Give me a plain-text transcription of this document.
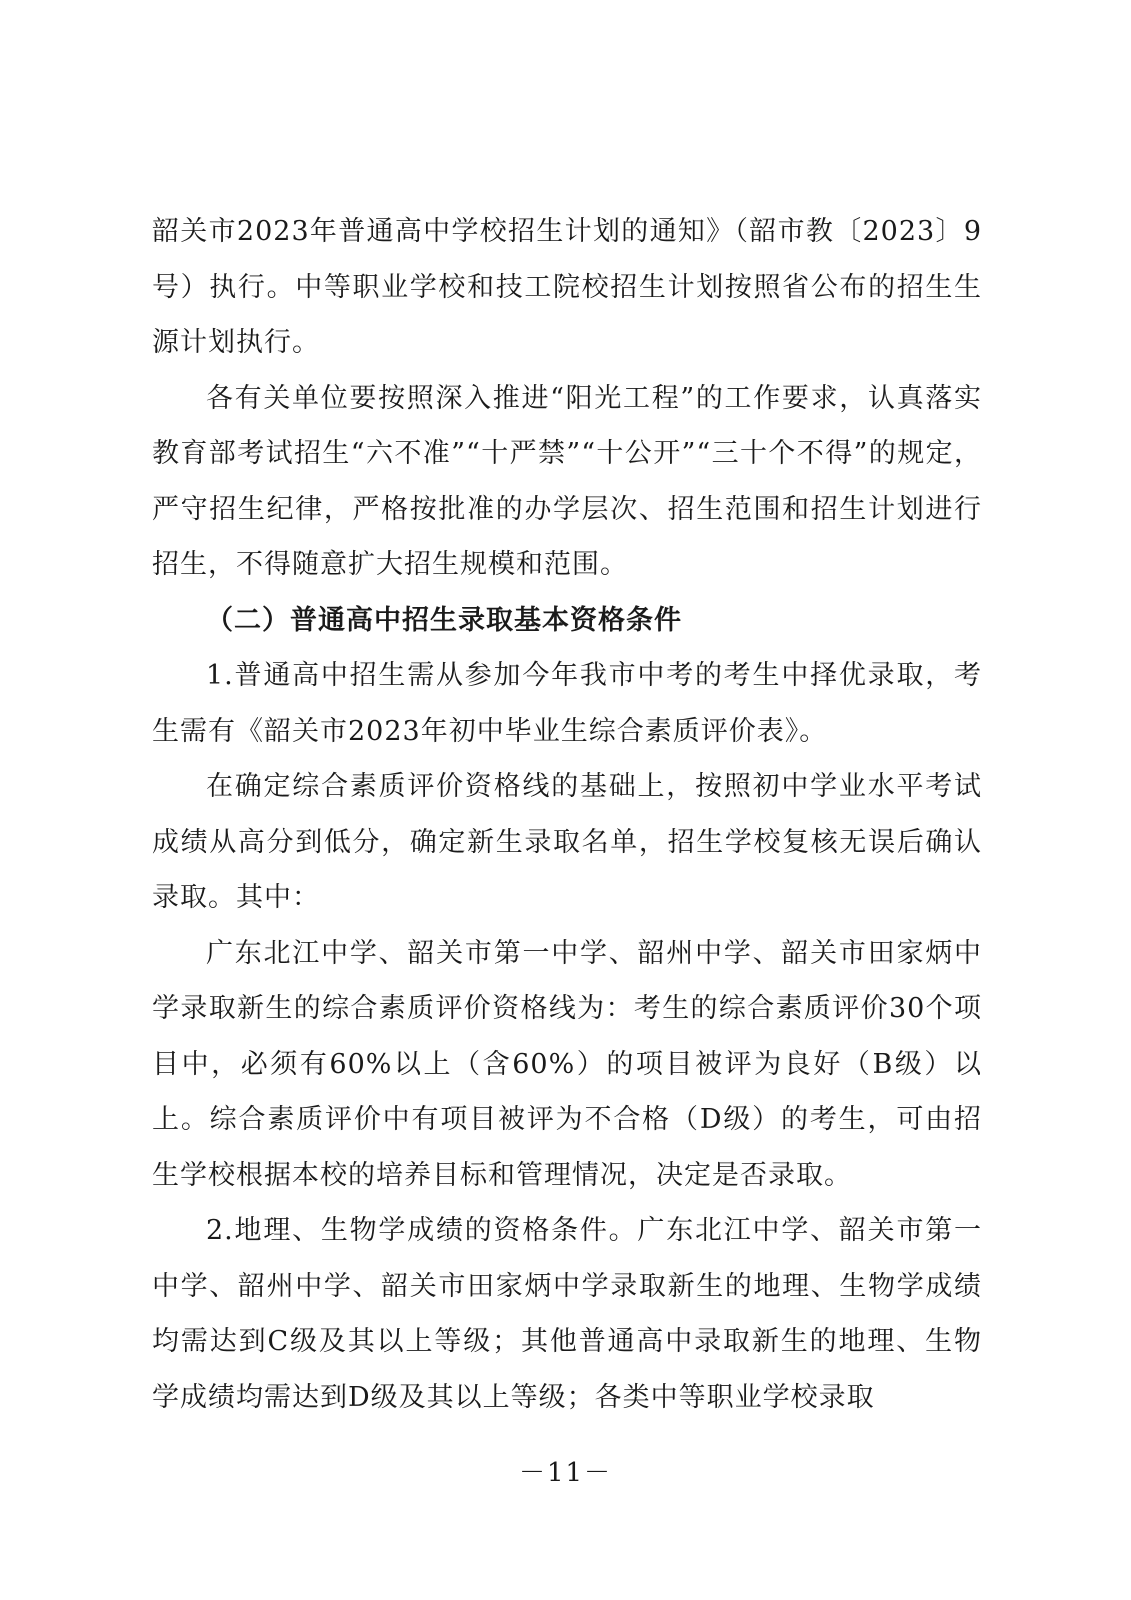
韶关市2023年普通高中学校招生计划的通知》（韶市教〔2023〕9号）执行。中等职业学校和技工院校招生计划按照省公布的招生生源计划执行。

各有关单位要按照深入推进“阳光工程”的工作要求，认真落实教育部考试招生“六不准”“十严禁”“十公开”“三十个不得”的规定，严守招生纪律，严格按批准的办学层次、招生范围和招生计划进行招生，不得随意扩大招生规模和范围。

（二）普通高中招生录取基本资格条件

1.普通高中招生需从参加今年我市中考的考生中择优录取，考生需有《韶关市2023年初中毕业生综合素质评价表》。

在确定综合素质评价资格线的基础上，按照初中学业水平考试成绩从高分到低分，确定新生录取名单，招生学校复核无误后确认录取。其中：

广东北江中学、韶关市第一中学、韶州中学、韶关市田家炳中学录取新生的综合素质评价资格线为：考生的综合素质评价30个项目中，必须有60%以上（含60%）的项目被评为良好（B级）以上。综合素质评价中有项目被评为不合格（D级）的考生，可由招生学校根据本校的培养目标和管理情况，决定是否录取。

2.地理、生物学成绩的资格条件。广东北江中学、韶关市第一中学、韶州中学、韶关市田家炳中学录取新生的地理、生物学成绩均需达到C级及其以上等级；其他普通高中录取新生的地理、生物学成绩均需达到D级及其以上等级；各类中等职业学校录取

－11－
